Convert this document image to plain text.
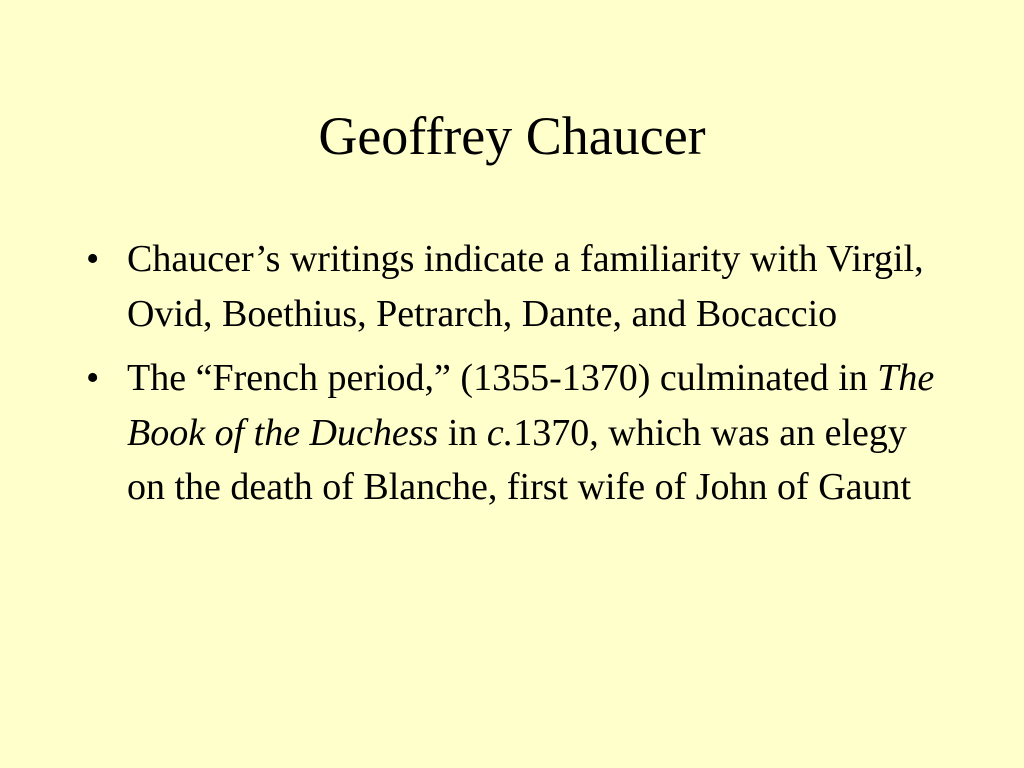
Geoffrey Chaucer
• Chaucer’s writings indicate a familiarity with Virgil, Ovid, Boethius, Petrarch, Dante, and Bocaccio
• The “French period,” (1355-1370) culminated in The Book of the Duchess in c.1370, which was an elegy on the death of Blanche, first wife of John of Gaunt
